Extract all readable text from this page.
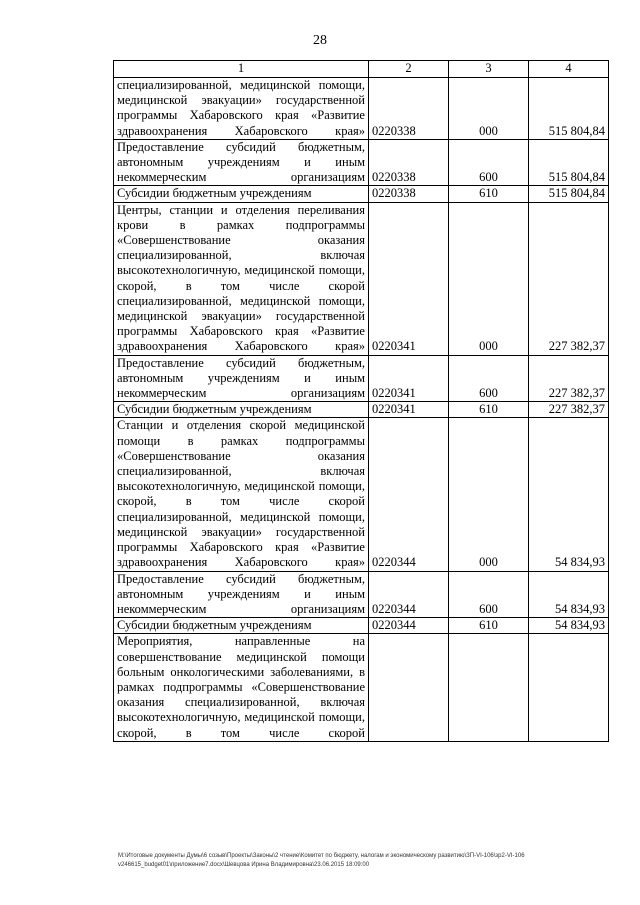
28
1	2	3	4
специализированной, медицинской помощи, медицинской эвакуации» государственной программы Хабаровского края «Развитие здравоохранения Хабаровского края»	0220338	000	515 804,84
Предоставление субсидий бюджетным, автономным учреждениям и иным некоммерческим организациям	0220338	600	515 804,84
Субсидии бюджетным учреждениям	0220338	610	515 804,84
Центры, станции и отделения переливания крови в рамках подпрограммы «Совершенствование оказания специализированной, включая высокотехнологичную, медицинской помощи, скорой, в том числе скорой специализированной, медицинской помощи, медицинской эвакуации» государственной программы Хабаровского края «Развитие здравоохранения Хабаровского края»	0220341	000	227 382,37
Предоставление субсидий бюджетным, автономным учреждениям и иным некоммерческим организациям	0220341	600	227 382,37
Субсидии бюджетным учреждениям	0220341	610	227 382,37
Станции и отделения скорой медицинской помощи в рамках подпрограммы «Совершенствование оказания специализированной, включая высокотехнологичную, медицинской помощи, скорой, в том числе скорой специализированной, медицинской помощи, медицинской эвакуации» государственной программы Хабаровского края «Развитие здравоохранения Хабаровского края»	0220344	000	54 834,93
Предоставление субсидий бюджетным, автономным учреждениям и иным некоммерческим организациям	0220344	600	54 834,93
Субсидии бюджетным учреждениям	0220344	610	54 834,93
Мероприятия, направленные на совершенствование медицинской помощи больным онкологическими заболеваниями, в рамках подпрограммы «Совершенствование оказания специализированной, включая высокотехнологичную, медицинской помощи, скорой, в том числе скорой			
M:\Итоговые документы Думы\6 созыв\Проекты\Законы\2 чтение\Комитет по бюджету, налогам и экономическому развитию\ЗП-VI-106\зр2-VI-106 v246615_budget01\приложение7.docx\Шевцова Ирина Владимировна\23.06.2015 18:09:00
